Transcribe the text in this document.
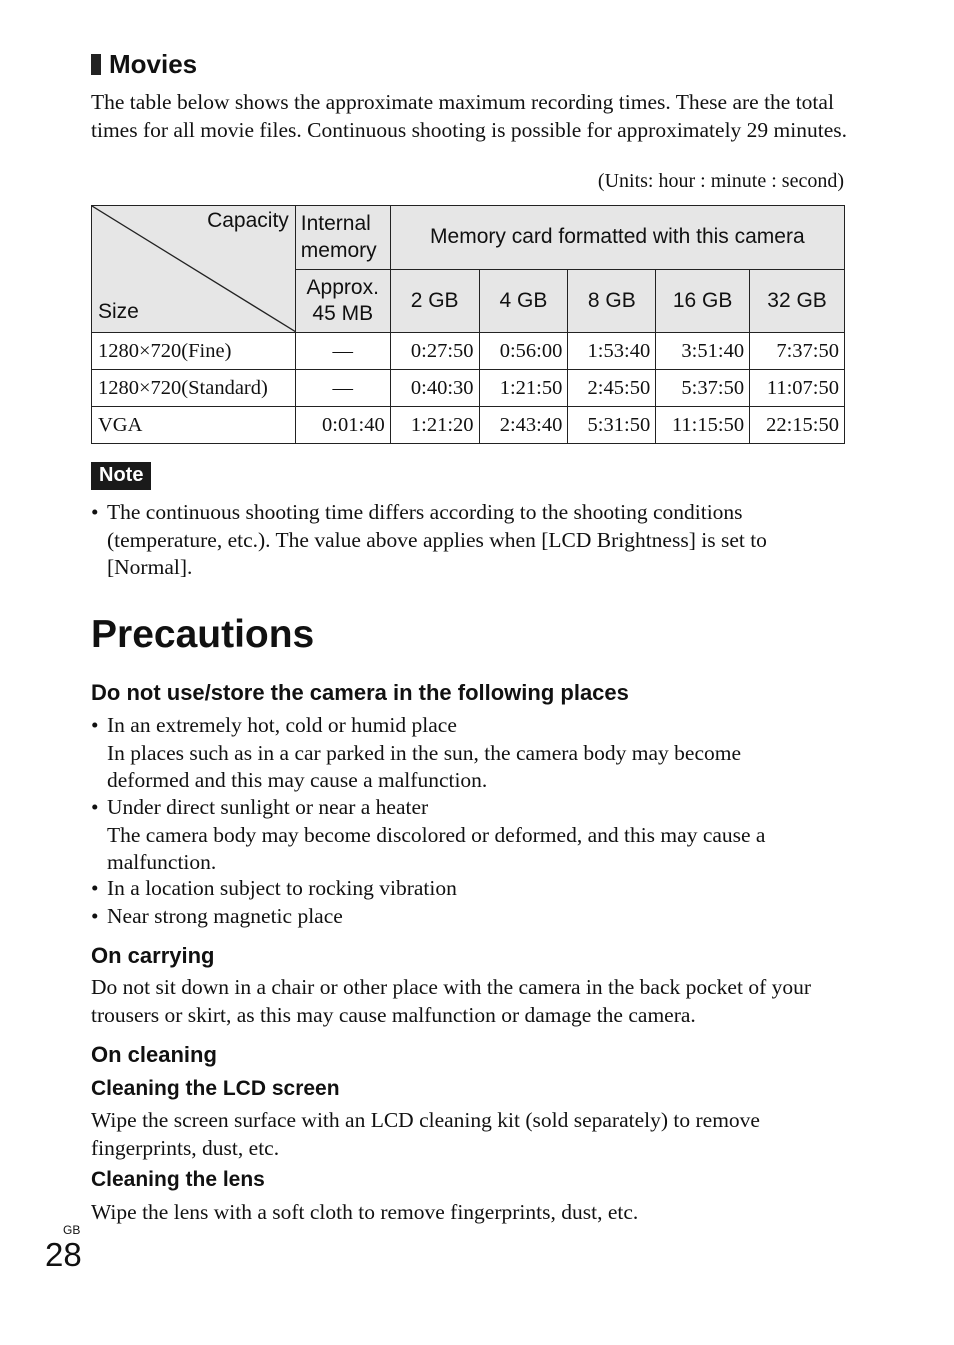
Movies
The table below shows the approximate maximum recording times. These are the total times for all movie files. Continuous shooting is possible for approximately 29 minutes.
(Units: hour : minute : second)
Capacity
Size	Internal memory	Memory card formatted with this camera				
	Approx. 45 MB	2 GB	4 GB	8 GB	16 GB	32 GB
1280×720(Fine)	—	0:27:50	0:56:00	1:53:40	3:51:40	7:37:50
1280×720(Standard)	—	0:40:30	1:21:50	2:45:50	5:37:50	11:07:50
VGA	0:01:40	1:21:20	2:43:40	5:31:50	11:15:50	22:15:50
Note
• The continuous shooting time differs according to the shooting conditions (temperature, etc.). The value above applies when [LCD Brightness] is set to [Normal].
Precautions
Do not use/store the camera in the following places
• In an extremely hot, cold or humid place
In places such as in a car parked in the sun, the camera body may become deformed and this may cause a malfunction.
• Under direct sunlight or near a heater
The camera body may become discolored or deformed, and this may cause a malfunction.
• In a location subject to rocking vibration
• Near strong magnetic place
On carrying
Do not sit down in a chair or other place with the camera in the back pocket of your trousers or skirt, as this may cause malfunction or damage the camera.
On cleaning
Cleaning the LCD screen
Wipe the screen surface with an LCD cleaning kit (sold separately) to remove fingerprints, dust, etc.
Cleaning the lens
Wipe the lens with a soft cloth to remove fingerprints, dust, etc.
GB
28
